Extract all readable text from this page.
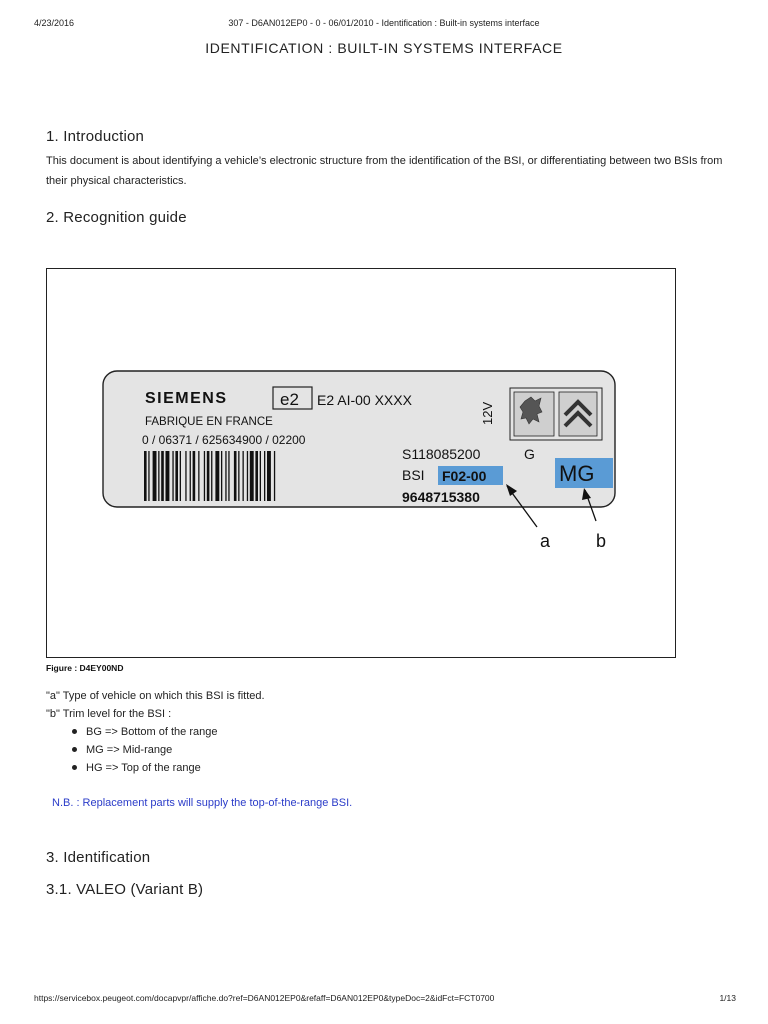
4/23/2016	307 - D6AN012EP0 - 0 - 06/01/2010 - Identification : Built-in systems interface
IDENTIFICATION : BUILT-IN SYSTEMS INTERFACE
1. Introduction

This document is about identifying a vehicle’s electronic structure from the identification of the BSI, or differentiating between two BSIs from their physical characteristics.

2. Recognition guide
SIEMENS	e2 E2 AI-00 XXXX
FABRIQUE EN FRANCE
0 / 06371 / 625634900 / 02200
12V
S118085200	G
BSI F02-00
9648715380
MG
a	b
Figure : D4EY00ND
"a" Type of vehicle on which this BSI is fitted.
"b" Trim level for the BSI :
BG => Bottom of the range
MG => Mid-range
HG => Top of the range
N.B. : Replacement parts will supply the top-of-the-range BSI.
3. Identification
3.1. VALEO (Variant B)
https://servicebox.peugeot.com/docapvpr/affiche.do?ref=D6AN012EP0&refaff=D6AN012EP0&typeDoc=2&idFct=FCT0700	1/13
